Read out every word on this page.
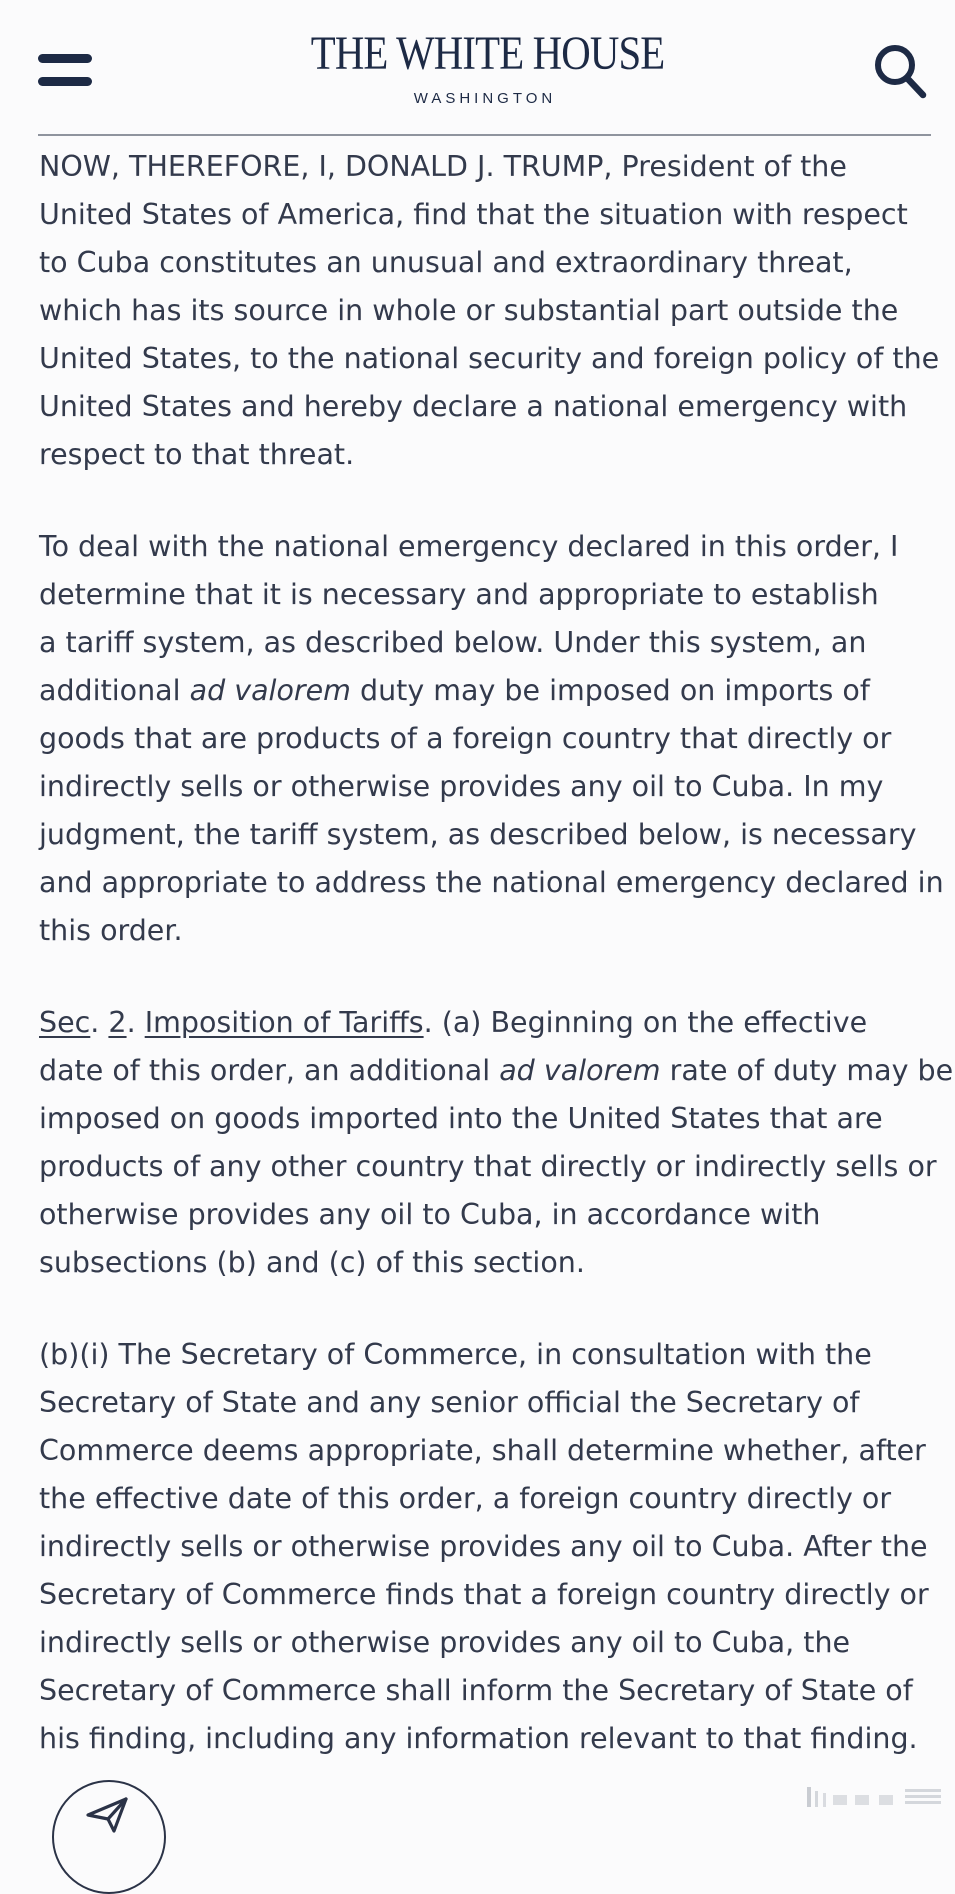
THE WHITE HOUSE
WASHINGTON

NOW, THEREFORE, I, DONALD J. TRUMP, President of the
United States of America, find that the situation with respect
to Cuba constitutes an unusual and extraordinary threat,
which has its source in whole or substantial part outside the
United States, to the national security and foreign policy of the
United States and hereby declare a national emergency with
respect to that threat.

To deal with the national emergency declared in this order, I
determine that it is necessary and appropriate to establish
a tariff system, as described below. Under this system, an
additional ad valorem duty may be imposed on imports of
goods that are products of a foreign country that directly or
indirectly sells or otherwise provides any oil to Cuba. In my
judgment, the tariff system, as described below, is necessary
and appropriate to address the national emergency declared in
this order.

Sec. 2. Imposition of Tariffs. (a) Beginning on the effective
date of this order, an additional ad valorem rate of duty may be
imposed on goods imported into the United States that are
products of any other country that directly or indirectly sells or
otherwise provides any oil to Cuba, in accordance with
subsections (b) and (c) of this section.

(b)(i) The Secretary of Commerce, in consultation with the
Secretary of State and any senior official the Secretary of
Commerce deems appropriate, shall determine whether, after
the effective date of this order, a foreign country directly or
indirectly sells or otherwise provides any oil to Cuba. After the
Secretary of Commerce finds that a foreign country directly or
indirectly sells or otherwise provides any oil to Cuba, the
Secretary of Commerce shall inform the Secretary of State of
his finding, including any information relevant to that finding.
